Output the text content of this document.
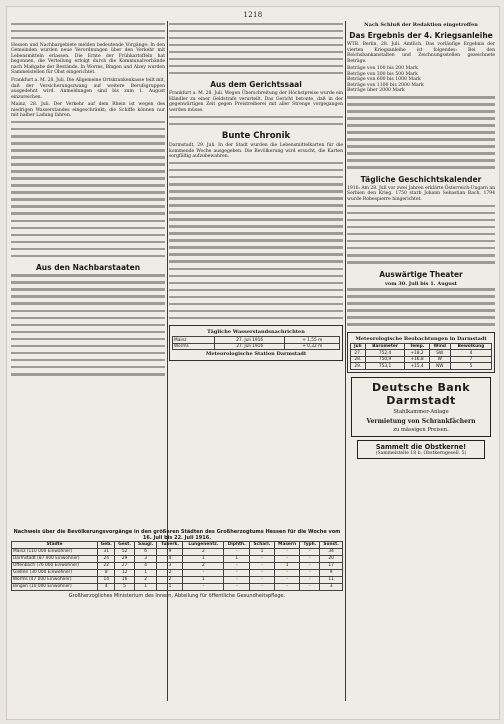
1218

Hessen und Nachbargebiete melden bedeutende Vorgänge: In den Gemeinden wurden neue Verordnungen über den Verkehr mit Lebensmitteln erlassen. Die Ernte der Frühkartoffeln hat begonnen, die Verteilung erfolgt durch die Kommunalverbände nach Maßgabe der Bestände. In Worms, Bingen und Alzey wurden Sammelstellen für Obst eingerichtet.

Frankfurt a. M. 28. Juli. Die Allgemeine Ortskrankenkasse teilt mit, daß der Versicherungszwang auf weitere Berufsgruppen ausgedehnt wird. Anmeldungen sind bis zum 1. August einzureichen.

Mainz, 28. Juli. Der Verkehr auf dem Rhein ist wegen des niedrigen Wasserstandes eingeschränkt; die Schiffe können nur mit halber Ladung fahren.

Aus den Nachbarstaaten
Aus dem Gerichtssaal

Frankfurt a. M. 28. Juli. Wegen Überschreitung der Höchstpreise wurde ein Händler zu einer Geldstrafe verurteilt. Das Gericht betonte, daß in der gegenwärtigen Zeit gegen Preistreiberei mit aller Strenge vorgegangen werden müsse.

Bunte Chronik

Darmstadt, 29. Juli. In der Stadt wurden die Lebensmittelkarten für die kommende Woche ausgegeben. Die Bevölkerung wird ersucht, die Karten sorgfältig aufzubewahren.

Tägliche Wasserstandsnachrichten
Mainz	27. Juli 1916	+ 1,55 m
Worms	27. Juli 1916	+ 0,32 m
Meteorologische Station Darmstadt
Nach Schluß der Redaktion eingetroffen
Das Ergebnis der 4. Kriegsanleihe

WTB. Berlin, 28. Juli. Amtlich. Das vorläufige Ergebnis der vierten Kriegsanleihe ist folgendes: Bei den Reichsbankanstalten und Zeichnungsstellen gezeichnete Beträge.

Beträge von 100 bis 200 Mark
Beträge von 300 bis 500 Mark
Beträge von 600 bis 1000 Mark
Beträge von 1100 bis 2000 Mark
Beträge über 2000 Mark
Tägliche Geschichtskalender

1916: Am 28. Juli vor zwei Jahren erklärte Österreich-Ungarn an Serbien den Krieg. 1750 starb Johann Sebastian Bach. 1794 wurde Robespierre hingerichtet.

Auswärtige Theater
vom 30. Juli bis 1. August
Meteorologische Beobachtungen in Darmstadt
Juli	Barometer	Temp.	Wind	Bewölkung
27.	752,4	+18,2	SW	4
28.	750,9	+16,8	W	7
29.	753,1	+15,4	NW	5
Deutsche Bank Darmstadt
Stahlkammer-Anlage
Vermietung von Schrankfächern
zu mässigen Preisen.
Sammelt die Obstkerne!
(Sammelstelle 18 b. Obstkerngesell. 5)
Nachweis über die Bevölkerungsvorgänge in den größeren Städten des Großherzogtums Hessen für die Woche vom 16. Juli bis 22. Juli 1916.
Städte	Geb.	Gest.	Säugl.	Tuberk.	Lungenentz.	Diphth.	Scharl.	Masern	Typh.	Sonst.
Mainz (110 000 Einwohner)	31	52	6	9	2	-	1	-	-	34
Darmstadt (87 000 Einwohner)	24	29	3	4	1	1	-	-	-	20
Offenbach (76 000 Einwohner)	22	27	4	3	2	-	-	1	-	17
Gießen (30 000 Einwohner)	8	12	1	2	-	-	-	-	-	9
Worms (47 000 Einwohner)	14	16	2	2	1	-	-	-	-	11
Bingen (10 000 Einwohner)	4	5	1	1	-	-	-	-	-	3
Großherzogliches Ministerium des Innern, Abteilung für öffentliche Gesundheitspflege.
